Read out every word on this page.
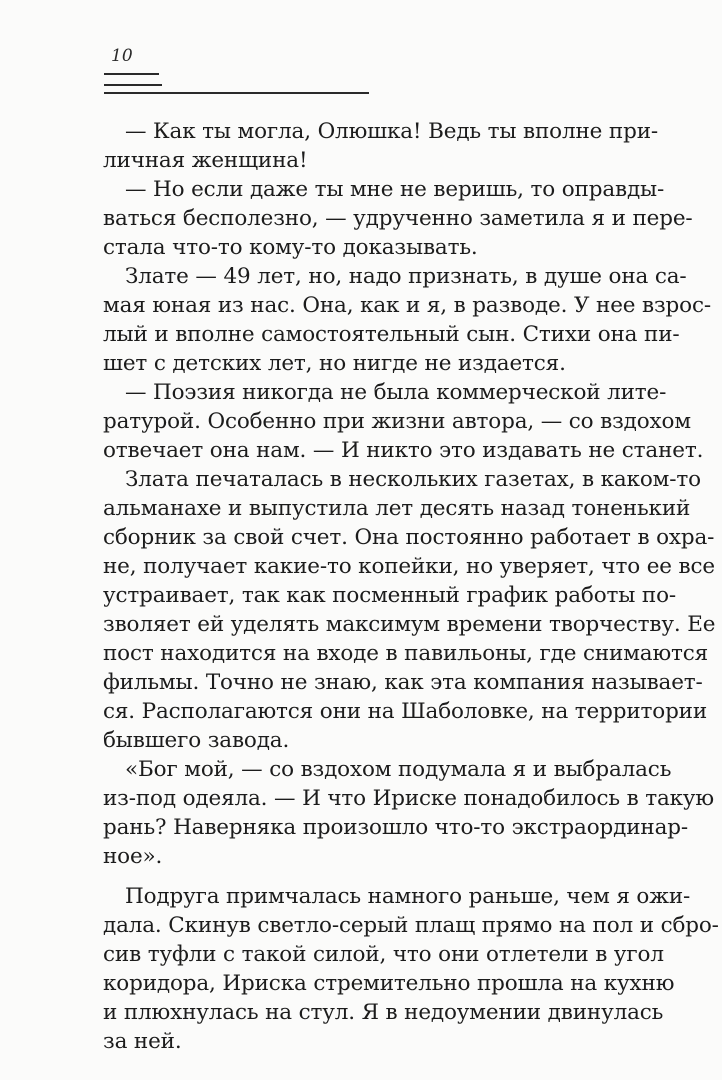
10
— Как ты могла, Олюшка! Ведь ты вполне при-
личная женщина!
— Но если даже ты мне не веришь, то оправды-
ваться бесполезно, — удрученно заметила я и пере-
стала что-то кому-то доказывать.
Злате — 49 лет, но, надо признать, в душе она са-
мая юная из нас. Она, как и я, в разводе. У нее взрос-
лый и вполне самостоятельный сын. Стихи она пи-
шет с детских лет, но нигде не издается.
— Поэзия никогда не была коммерческой лите-
ратурой. Особенно при жизни автора, — со вздохом
отвечает она нам. — И никто это издавать не станет.
Злата печаталась в нескольких газетах, в каком-то
альманахе и выпустила лет десять назад тоненький
сборник за свой счет. Она постоянно работает в охра-
не, получает какие-то копейки, но уверяет, что ее все
устраивает, так как посменный график работы по-
зволяет ей уделять максимум времени творчеству. Ее
пост находится на входе в павильоны, где снимаются
фильмы. Точно не знаю, как эта компания называет-
ся. Располагаются они на Шаболовке, на территории
бывшего завода.
«Бог мой, — со вздохом подумала я и выбралась
из-под одеяла. — И что Ириске понадобилось в такую
рань? Наверняка произошло что-то экстраординар-
ное».
Подруга примчалась намного раньше, чем я ожи-
дала. Скинув светло-серый плащ прямо на пол и сбро-
сив туфли с такой силой, что они отлетели в угол
коридора, Ириска стремительно прошла на кухню
и плюхнулась на стул. Я в недоумении двинулась
за ней.
